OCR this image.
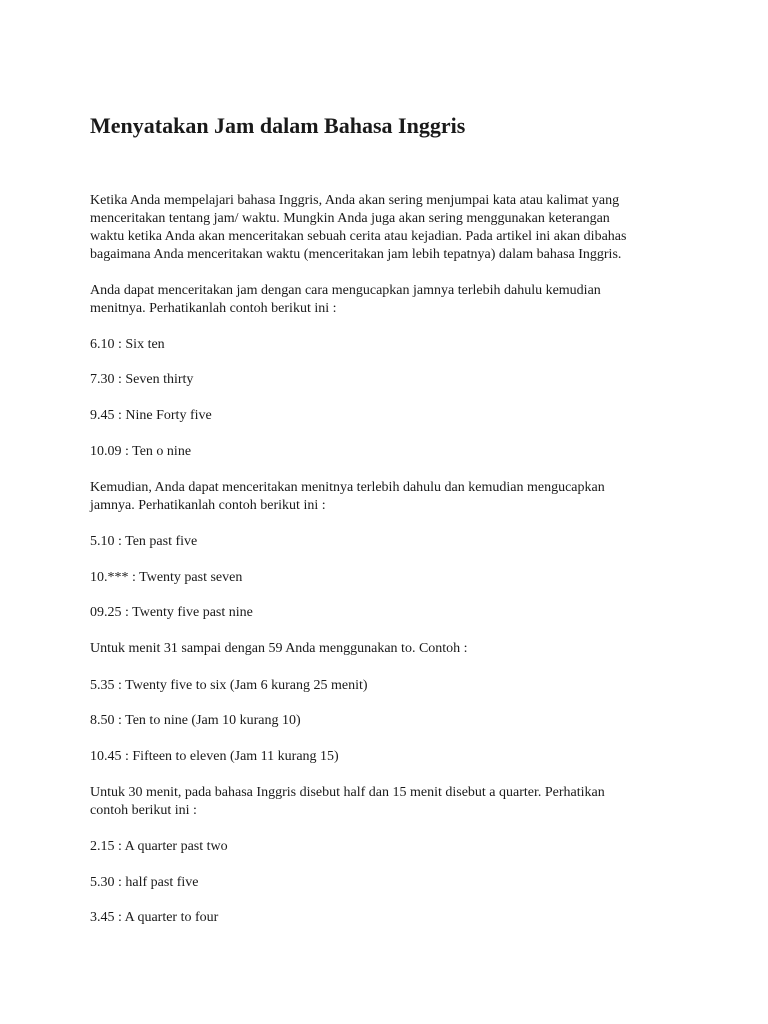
Menyatakan Jam dalam Bahasa Inggris

Ketika Anda mempelajari bahasa Inggris, Anda akan sering menjumpai kata atau kalimat yang

menceritakan tentang jam/ waktu. Mungkin Anda juga akan sering menggunakan keterangan

waktu ketika Anda akan menceritakan sebuah cerita atau kejadian. Pada artikel ini akan dibahas

bagaimana Anda menceritakan waktu (menceritakan jam lebih tepatnya) dalam bahasa Inggris.

Anda dapat menceritakan jam dengan cara mengucapkan jamnya terlebih dahulu kemudian

menitnya. Perhatikanlah contoh berikut ini :

6.10 : Six ten

7.30 : Seven thirty

9.45 : Nine Forty five

10.09 : Ten o nine

Kemudian, Anda dapat menceritakan menitnya terlebih dahulu dan kemudian mengucapkan

jamnya. Perhatikanlah contoh berikut ini :

5.10 : Ten past five

10.*** : Twenty past seven

09.25 : Twenty five past nine

Untuk menit 31 sampai dengan 59 Anda menggunakan to. Contoh :

5.35 : Twenty five to six (Jam 6 kurang 25 menit)

8.50 : Ten to nine (Jam 10 kurang 10)

10.45 : Fifteen to eleven (Jam 11 kurang 15)

Untuk 30 menit, pada bahasa Inggris disebut half dan 15 menit disebut a quarter. Perhatikan

contoh berikut ini :

2.15 : A quarter past two

5.30 : half past five

3.45 : A quarter to four
